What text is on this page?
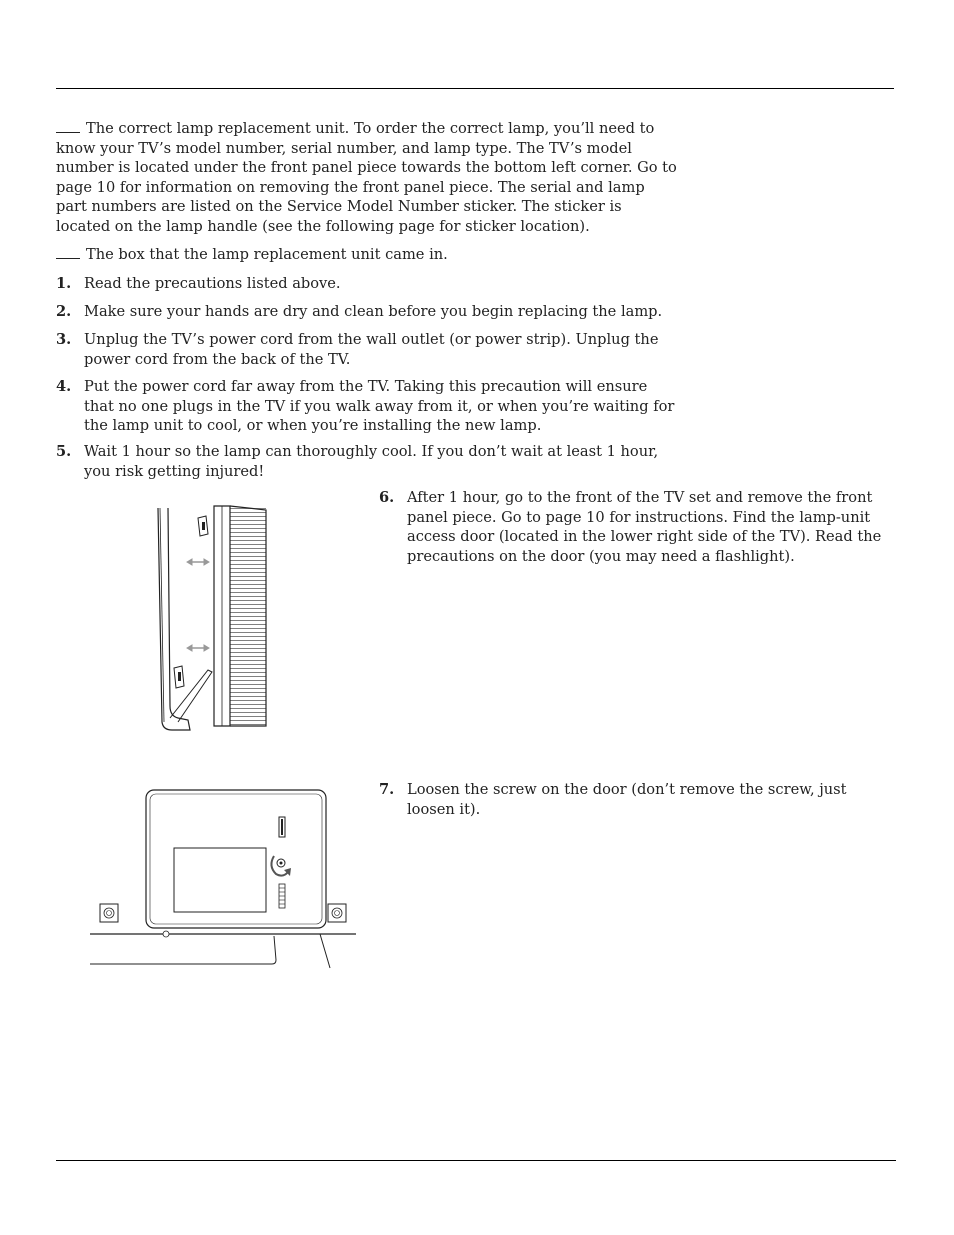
The correct lamp replacement unit. To order the correct lamp, you’ll need to know your TV’s model number, serial number, and lamp type. The TV’s model number is located under the front panel piece towards the bottom left corner. Go to page 10 for information on removing the front panel piece. The serial and lamp part numbers are listed on the Service Model Number sticker. The sticker is located on the lamp handle (see the following page for sticker location).

The box that the lamp replacement unit came in.

1. Read the precautions listed above.
2. Make sure your hands are dry and clean before you begin replacing the lamp.
3. Unplug the TV’s power cord from the wall outlet (or power strip). Unplug the power cord from the back of the TV.
4. Put the power cord far away from the TV. Taking this precaution will ensure that no one plugs in the TV if you walk away from it, or when you’re waiting for the lamp unit to cool, or when you’re installing the new lamp.
5. Wait 1 hour so the lamp can thoroughly cool. If you don’t wait at least 1 hour, you risk getting injured!
6. After 1 hour, go to the front of the TV set and remove the front panel piece. Go to page 10 for instructions. Find the lamp-unit access door (located in the lower right side of the TV). Read the precautions on the door (you may need a flashlight).
7. Loosen the screw on the door (don’t remove the screw, just loosen it).
